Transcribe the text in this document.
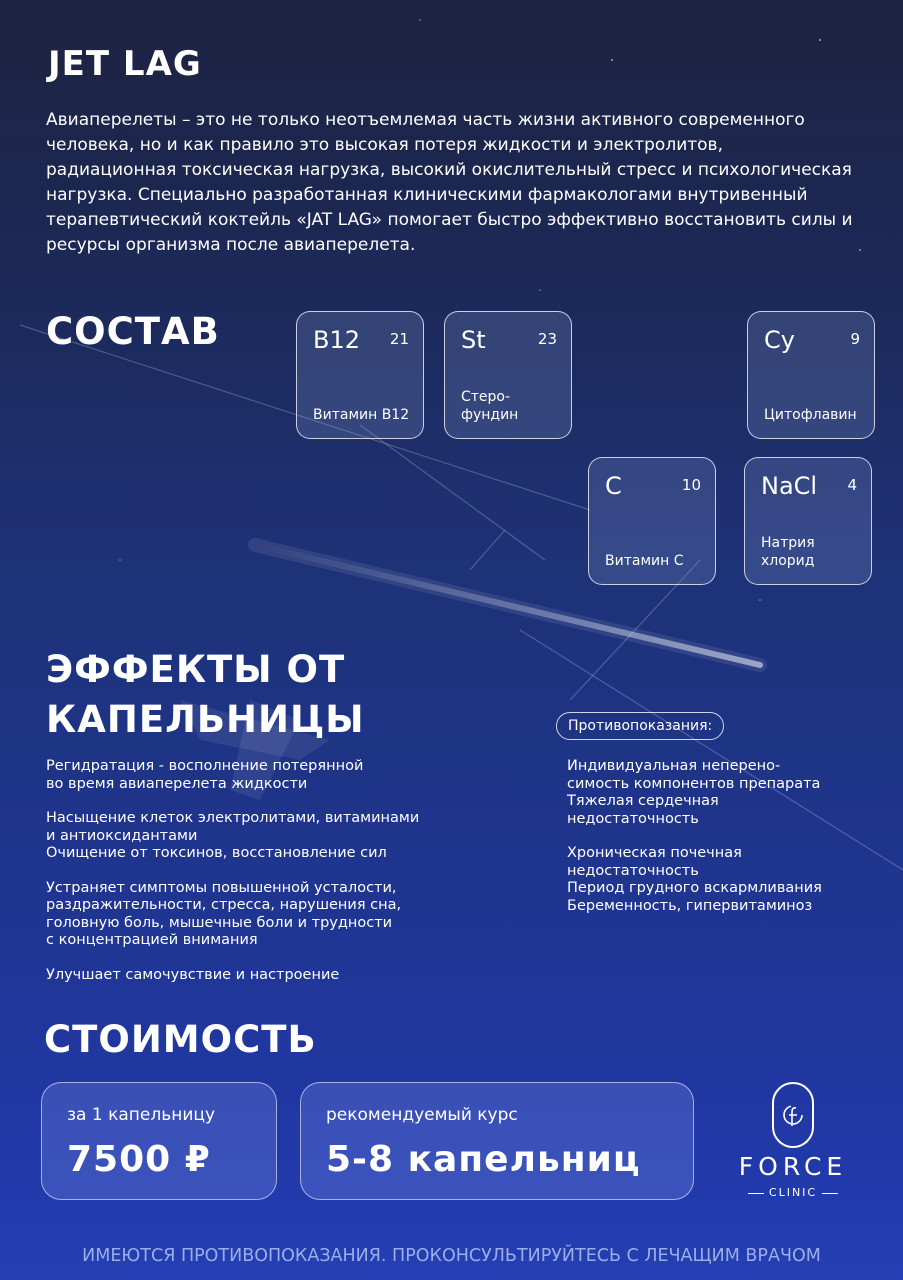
JET LAG
Авиаперелеты – это не только неотъемлемая часть жизни активного современного человека, но и как правило это высокая потеря жидкости и электролитов, радиационная токсическая нагрузка, высокий окислительный стресс и психологическая нагрузка. Специально разработанная клиническими фармакологами внутривенный терапевтический коктейль «JAT LAG» помогает быстро эффективно восстановить силы и ресурсы организма после авиаперелета.
СОСТАВ	B12 21
Витамин B12
St	23
Стеро-
фундин
Cy	9
Цитофлавин
C	10
Витамин С
NaCl 4
Натрия
хлорид
ЭФФЕКТЫ ОТ КАПЕЛЬНИЦЫ

Регидратация - восполнение потерянной
во время авиаперелета жидкости

Насыщение клеток электролитами, витаминами
и антиоксидантами
Очищение от токсинов, восстановление сил

Устраняет симптомы повышенной усталости,
раздражительности, стресса, нарушения сна,
головную боль, мышечные боли и трудности
с концентрацией внимания

Улучшает самочувствие и настроение

Противопоказания:

Индивидуальная неперено-
симость компонентов препарата
Тяжелая сердечная
недостаточность

Хроническая почечная
недостаточность
Период грудного вскармливания
Беременность, гипервитаминоз

СТОИМОСТЬ
за 1 капельницу
7500 ₽
рекомендуемый курс
5-8 капельниц	FORCE
CLINIC
ИМЕЮТСЯ ПРОТИВОПОКАЗАНИЯ. ПРОКОНСУЛЬТИРУЙТЕСЬ С ЛЕЧАЩИМ ВРАЧОМ
